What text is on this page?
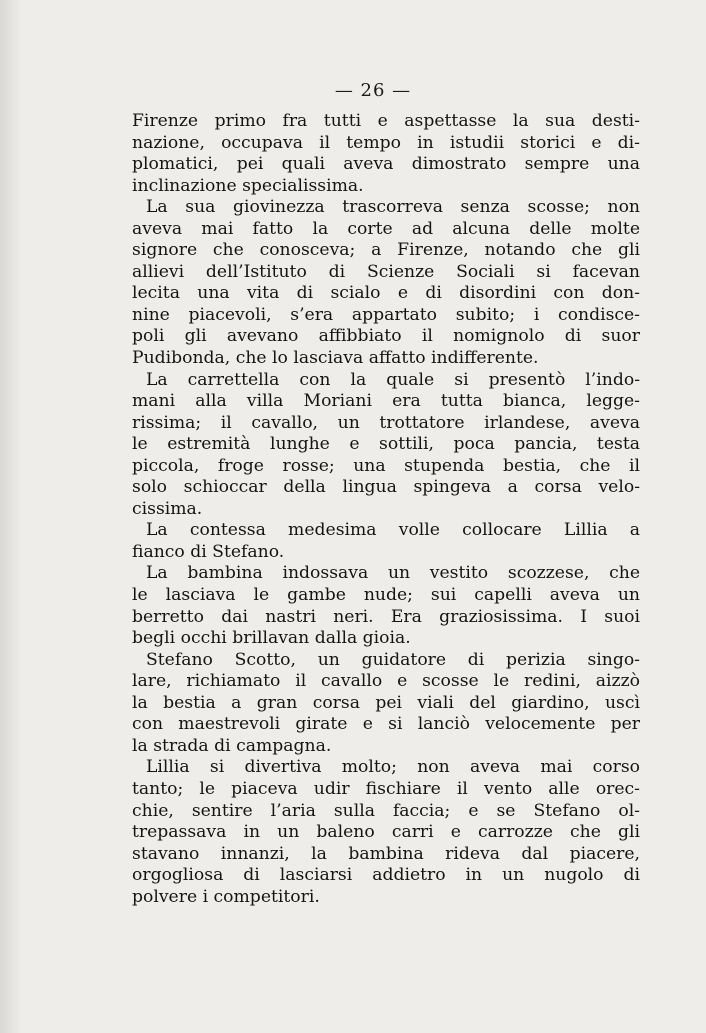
— 26 —
Firenze primo fra tutti e aspettasse la sua desti-
nazione, occupava il tempo in istudii storici e di-
plomatici, pei quali aveva dimostrato sempre una
inclinazione specialissima.
La sua giovinezza trascorreva senza scosse; non
aveva mai fatto la corte ad alcuna delle molte
signore che conosceva; a Firenze, notando che gli
allievi dell’Istituto di Scienze Sociali si facevan
lecita una vita di scialo e di disordini con don-
nine piacevoli, s’era appartato subito; i condisce-
poli gli avevano affibbiato il nomignolo di suor
Pudibonda, che lo lasciava affatto indifferente.
La carrettella con la quale si presentò l’indo-
mani alla villa Moriani era tutta bianca, legge-
rissima; il cavallo, un trottatore irlandese, aveva
le estremità lunghe e sottili, poca pancia, testa
piccola, froge rosse; una stupenda bestia, che il
solo schioccar della lingua spingeva a corsa velo-
cissima.
La contessa medesima volle collocare Lillia a
fianco di Stefano.
La bambina indossava un vestito scozzese, che
le lasciava le gambe nude; sui capelli aveva un
berretto dai nastri neri. Era graziosissima. I suoi
begli occhi brillavan dalla gioia.
Stefano Scotto, un guidatore di perizia singo-
lare, richiamato il cavallo e scosse le redini, aizzò
la bestia a gran corsa pei viali del giardino, uscì
con maestrevoli girate e si lanciò velocemente per
la strada di campagna.
Lillia si divertiva molto; non aveva mai corso
tanto; le piaceva udir fischiare il vento alle orec-
chie, sentire l’aria sulla faccia; e se Stefano ol-
trepassava in un baleno carri e carrozze che gli
stavano innanzi, la bambina rideva dal piacere,
orgogliosa di lasciarsi addietro in un nugolo di
polvere i competitori.
